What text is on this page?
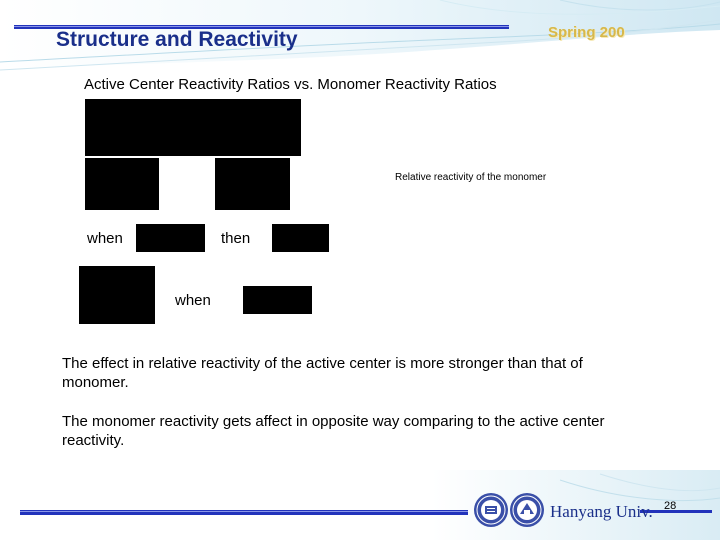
Structure and Reactivity	Spring 200
Active Center Reactivity Ratios vs. Monomer Reactivity Ratios
Relative reactivity of the monomer
when	then
when
The effect in relative reactivity of the active center is more stronger than that of monomer.
The monomer reactivity gets affect in opposite way comparing to the active center reactivity.
Hanyang Univ. 28
